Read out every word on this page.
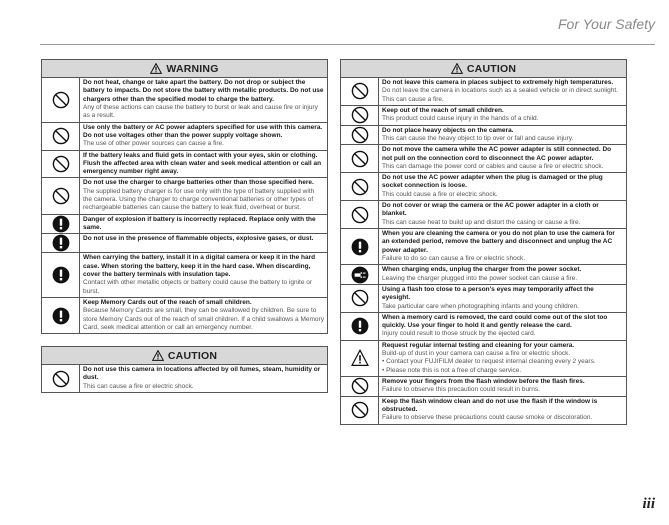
For Your Safety
WARNING
Do not heat, change or take apart the battery. Do not drop or subject the battery to impacts. Do not store the battery with metallic products. Do not use chargers other than the specified model to charge the battery.
Any of these actions can cause the battery to burst or leak and cause fire or injury as a result.
Use only the battery or AC power adapters specified for use with this camera. Do not use voltages other than the power supply voltage shown.
The use of other power sources can cause a fire.
If the battery leaks and fluid gets in contact with your eyes, skin or clothing. Flush the affected area with clean water and seek medical attention or call an emergency number right away.
Do not use the charger to charge batteries other than those specified here.
The supplied battery charger is for use only with the type of battery supplied with the camera. Using the charger to charge conventional batteries or other types of rechargeable batteries can cause the battery to leak fluid, overheat or burst.
Danger of explosion if battery is incorrectly replaced. Replace only with the same.
Do not use in the presence of flammable objects, explosive gases, or dust.
When carrying the battery, install it in a digital camera or keep it in the hard case. When storing the battery, keep it in the hard case. When discarding, cover the battery terminals with insulation tape.
Contact with other metallic objects or battery could cause the battery to ignite or burst.
Keep Memory Cards out of the reach of small children.
Because Memory Cards are small, they can be swallowed by children. Be sure to store Memory Cards out of the reach of small children. If a child swallows a Memory Card, seek medical attention or call an emergency number.
CAUTION
Do not use this camera in locations affected by oil fumes, steam, humidity or dust.
This can cause a fire or electric shock.
CAUTION
Do not leave this camera in places subject to extremely high temperatures.
Do not leave the camera in locations such as a sealed vehicle or in direct sunlight. This can cause a fire.
Keep out of the reach of small children.
This product could cause injury in the hands of a child.
Do not place heavy objects on the camera.
This can cause the heavy object to tip over or fall and cause injury.
Do not move the camera while the AC power adapter is still connected. Do not pull on the connection cord to disconnect the AC power adapter.
This can damage the power cord or cables and cause a fire or electric shock.
Do not use the AC power adapter when the plug is damaged or the plug socket connection is loose.
This could cause a fire or electric shock.
Do not cover or wrap the camera or the AC power adapter in a cloth or blanket.
This can cause heat to build up and distort the casing or cause a fire.
When you are cleaning the camera or you do not plan to use the camera for an extended period, remove the battery and disconnect and unplug the AC power adapter.
Failure to do so can cause a fire or electric shock.
When charging ends, unplug the charger from the power socket.
Leaving the charger plugged into the power socket can cause a fire.
Using a flash too close to a person's eyes may temporarily affect the eyesight.
Take particular care when photographing infants and young children.
When a memory card is removed, the card could come out of the slot too quickly. Use your finger to hold it and gently release the card.
Injury could result to those struck by the ejected card.
Request regular internal testing and cleaning for your camera.
Build-up of dust in your camera can cause a fire or electric shock.
• Contact your FUJIFILM dealer to request internal cleaning every 2 years.
• Please note this is not a free of charge service.
Remove your fingers from the flash window before the flash fires.
Failure to observe this precaution could result in burns.
Keep the flash window clean and do not use the flash if the window is obstructed.
Failure to observe these precautions could cause smoke or discoloration.
iii
